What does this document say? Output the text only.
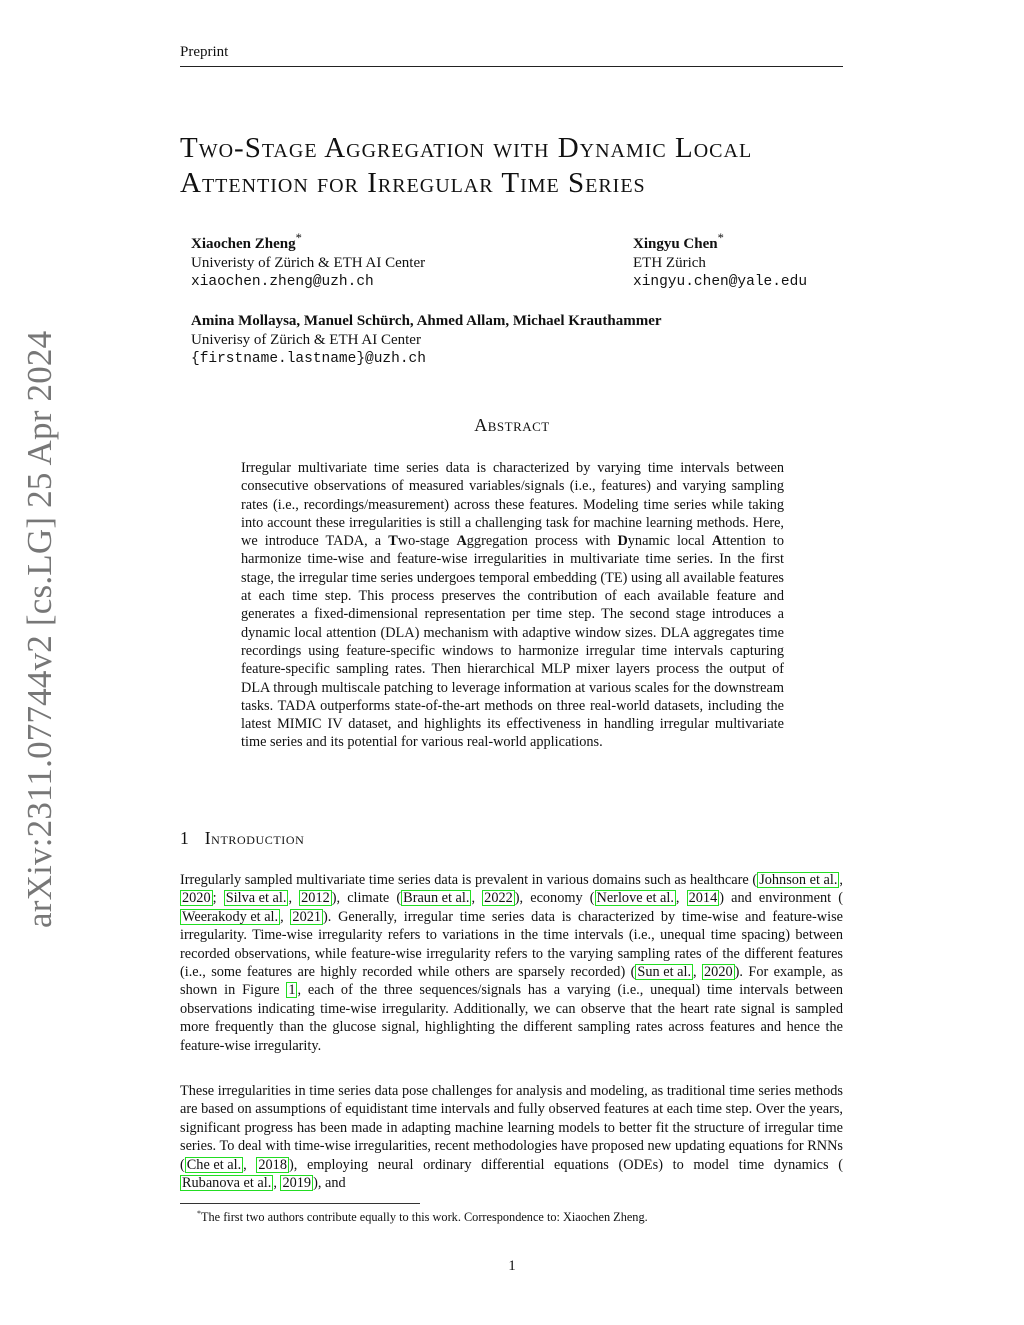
Preprint
arXiv:2311.07744v2 [cs.LG] 25 Apr 2024
Two-Stage Aggregation with Dynamic Local
Attention for Irregular Time Series
Xiaochen Zheng*
Univeristy of Zürich & ETH AI Center
xiaochen.zheng@uzh.ch
Xingyu Chen*
ETH Zürich
xingyu.chen@yale.edu
Amina Mollaysa, Manuel Schürch, Ahmed Allam, Michael Krauthammer
Univerisy of Zürich & ETH AI Center
{firstname.lastname}@uzh.ch
Abstract

Irregular multivariate time series data is characterized by varying time intervals between consecutive observations of measured variables/signals (i.e., features) and varying sampling rates (i.e., recordings/measurement) across these features. Modeling time series while taking into account these irregularities is still a challenging task for machine learning methods. Here, we introduce TADA, a Two-stage Aggregation process with Dynamic local Attention to harmonize time-wise and feature-wise irregularities in multivariate time series. In the first stage, the irregular time series undergoes temporal embedding (TE) using all available features at each time step. This process preserves the contribution of each available feature and generates a fixed-dimensional representation per time step. The second stage introduces a dynamic local attention (DLA) mechanism with adaptive window sizes. DLA aggregates time recordings using feature-specific windows to harmonize irregular time intervals capturing feature-specific sampling rates. Then hierarchical MLP mixer layers process the output of DLA through multiscale patching to leverage information at various scales for the downstream tasks. TADA outperforms state-of-the-art methods on three real-world datasets, including the latest MIMIC IV dataset, and highlights its effectiveness in handling irregular multivariate time series and its potential for various real-world applications.

1 Introduction

Irregularly sampled multivariate time series data is prevalent in various domains such as healthcare ( Johnson et al. , 2020 ; Silva et al. , 2012 ), climate ( Braun et al. , 2022 ), economy ( Nerlove et al. , 2014 ) and environment (Weerakody et al. , 2021 ). Generally, irregular time series data is characterized by time-wise and feature-wise irregularity. Time-wise irregularity refers to variations in the time intervals (i.e., unequal time spacing) between recorded observations, while feature-wise irregularity refers to the varying sampling rates of the different features (i.e., some features are highly recorded while others are sparsely recorded) ( Sun et al. , 2020 ). For example, as shown in Figure 1 , each of the three sequences/signals has a varying (i.e., unequal) time intervals between observations indicating time-wise irregularity. Additionally, we can observe that the heart rate signal is sampled more frequently than the glucose signal, highlighting the different sampling rates across features and hence the feature-wise irregularity.

These irregularities in time series data pose challenges for analysis and modeling, as traditional time series methods are based on assumptions of equidistant time intervals and fully observed features at each time step. Over the years, significant progress has been made in adapting machine learning models to better fit the structure of irregular time series. To deal with time-wise irregularities, recent methodologies have proposed new updating equations for RNNs ( Che et al. , 2018 ), employing neural ordinary differential equations (ODEs) to model time dynamics (Rubanova et al. , 2019 ), and

*The first two authors contribute equally to this work. Correspondence to: Xiaochen Zheng.
1
